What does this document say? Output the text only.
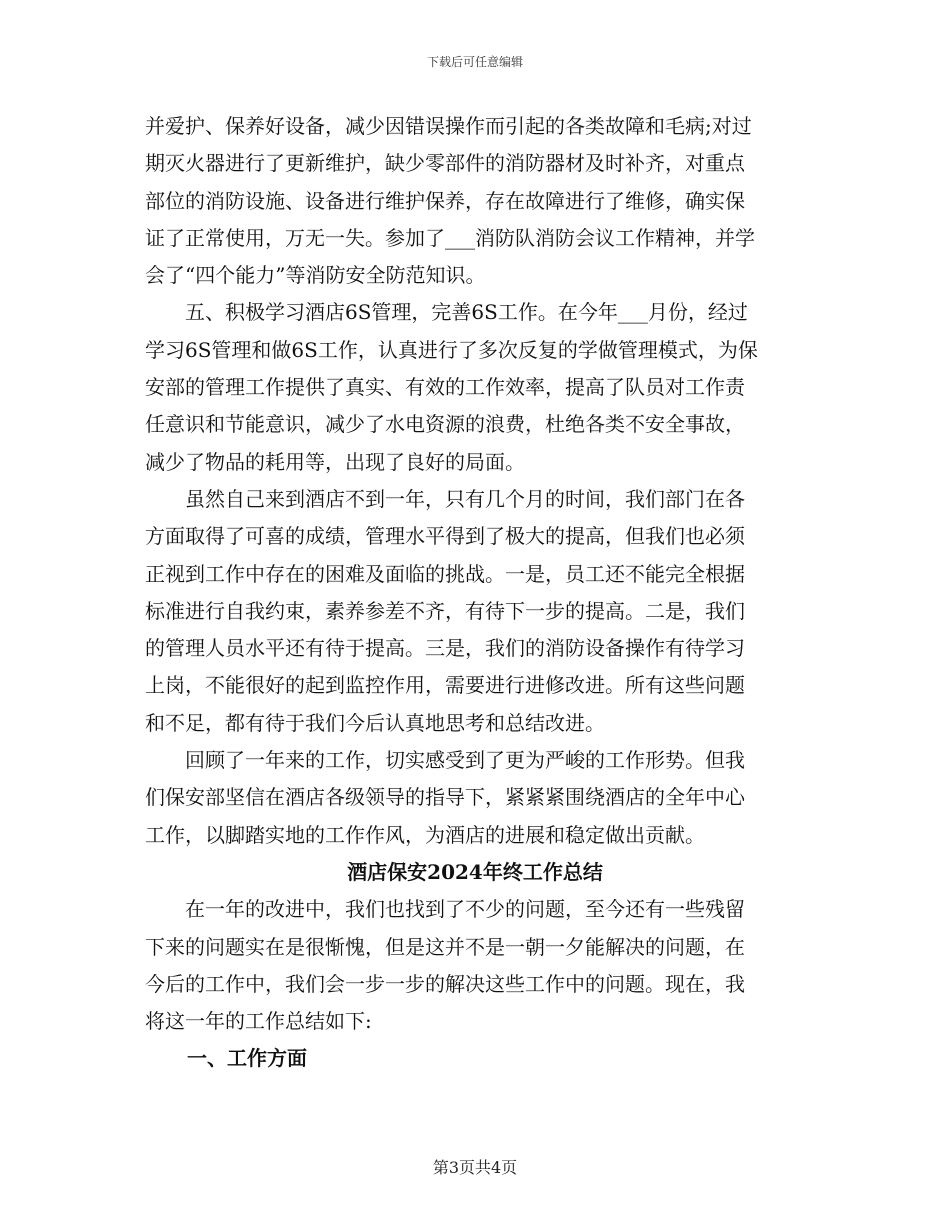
下载后可任意编辑
并爱护、保养好设备，减少因错误操作而引起的各类故障和毛病;对过
期灭火器进行了更新维护，缺少零部件的消防器材及时补齐，对重点
部位的消防设施、设备进行维护保养，存在故障进行了维修，确实保
证了正常使用，万无一失。参加了___消防队消防会议工作精神，并学
会了“四个能力”等消防安全防范知识。
五、积极学习酒店6S管理，完善6S工作。在今年___月份，经过
学习6S管理和做6S工作，认真进行了多次反复的学做管理模式，为保
安部的管理工作提供了真实、有效的工作效率，提高了队员对工作责
任意识和节能意识，减少了水电资源的浪费，杜绝各类不安全事故，
减少了物品的耗用等，出现了良好的局面。
虽然自己来到酒店不到一年，只有几个月的时间，我们部门在各
方面取得了可喜的成绩，管理水平得到了极大的提高，但我们也必须
正视到工作中存在的困难及面临的挑战。一是，员工还不能完全根据
标准进行自我约束，素养参差不齐，有待下一步的提高。二是，我们
的管理人员水平还有待于提高。三是，我们的消防设备操作有待学习
上岗，不能很好的起到监控作用，需要进行进修改进。所有这些问题
和不足，都有待于我们今后认真地思考和总结改进。
回顾了一年来的工作，切实感受到了更为严峻的工作形势。但我
们保安部坚信在酒店各级领导的指导下，紧紧紧围绕酒店的全年中心
工作，以脚踏实地的工作作风，为酒店的进展和稳定做出贡献。
酒店保安2024年终工作总结
在一年的改进中，我们也找到了不少的问题，至今还有一些残留
下来的问题实在是很惭愧，但是这并不是一朝一夕能解决的问题，在
今后的工作中，我们会一步一步的解决这些工作中的问题。现在，我
将这一年的工作总结如下:
一、工作方面
第3页共4页
